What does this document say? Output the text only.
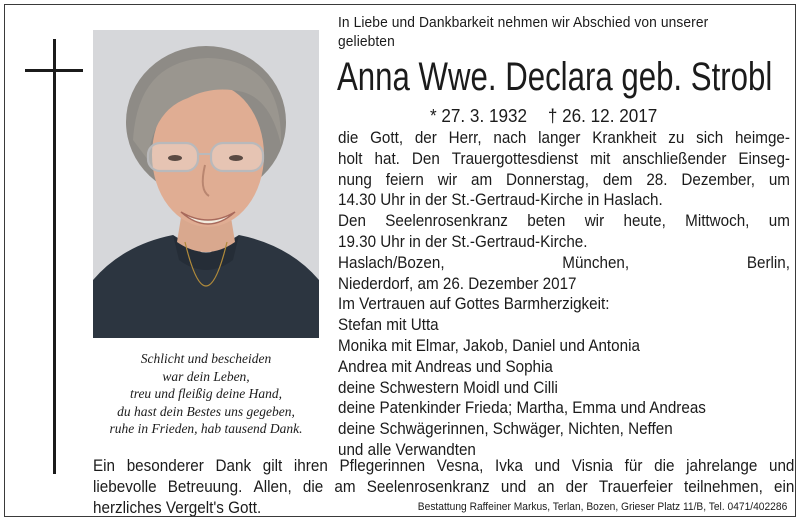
Schlicht und bescheiden
war dein Leben,
treu und fleißig deine Hand,
du hast dein Bestes uns gegeben,
ruhe in Frieden, hab tausend Dank.
In Liebe und Dankbarkeit nehmen wir Abschied von unserer
geliebten
Anna Wwe. Declara geb. Strobl
* 27. 3. 1932 † 26. 12. 2017
die Gott, der Herr, nach langer Krankheit zu sich heimge-
holt hat. Den Trauergottesdienst mit anschließender Einseg-
nung feiern wir am Donnerstag, dem 28. Dezember, um
14.30 Uhr in der St.-Gertraud-Kirche in Haslach.
Den Seelenrosenkranz beten wir heute, Mittwoch, um
19.30 Uhr in der St.-Gertraud-Kirche.
Haslach/Bozen,	München,	Berlin,
Niederdorf, am 26. Dezember 2017
Im Vertrauen auf Gottes Barmherzigkeit:
Stefan mit Utta
Monika mit Elmar, Jakob, Daniel und Antonia
Andrea mit Andreas und Sophia
deine Schwestern Moidl und Cilli
deine Patenkinder Frieda; Martha, Emma und Andreas
deine Schwägerinnen, Schwäger, Nichten, Neffen
und alle Verwandten
Ein besonderer Dank gilt ihren Pflegerinnen Vesna, Ivka und Visnia für die jahrelange und
liebevolle Betreuung. Allen, die am Seelenrosenkranz und an der Trauerfeier teilnehmen, ein
herzliches Vergelt's Gott.	Bestattung Raffeiner Markus, Terlan, Bozen, Grieser Platz 11/B, Tel. 0471/402286
